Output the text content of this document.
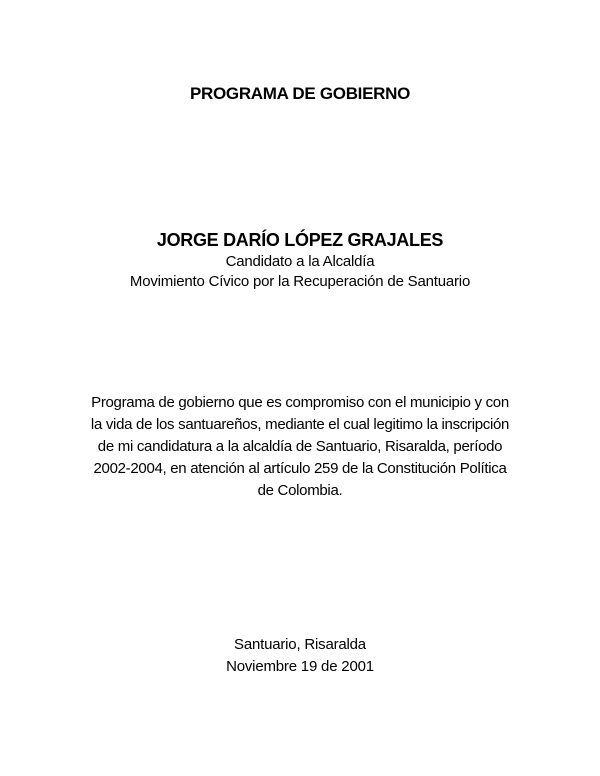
PROGRAMA DE GOBIERNO

JORGE DARÍO LÓPEZ GRAJALES

Candidato a la Alcaldía

Movimiento Cívico por la Recuperación de Santuario

Programa de gobierno que es compromiso con el municipio y con la vida de los santuareños, mediante el cual legitimo la inscripción de mi candidatura a la alcaldía de Santuario, Risaralda, período 2002-2004, en atención al artículo 259 de la Constitución Política de Colombia.

Santuario, Risaralda

Noviembre 19 de 2001
